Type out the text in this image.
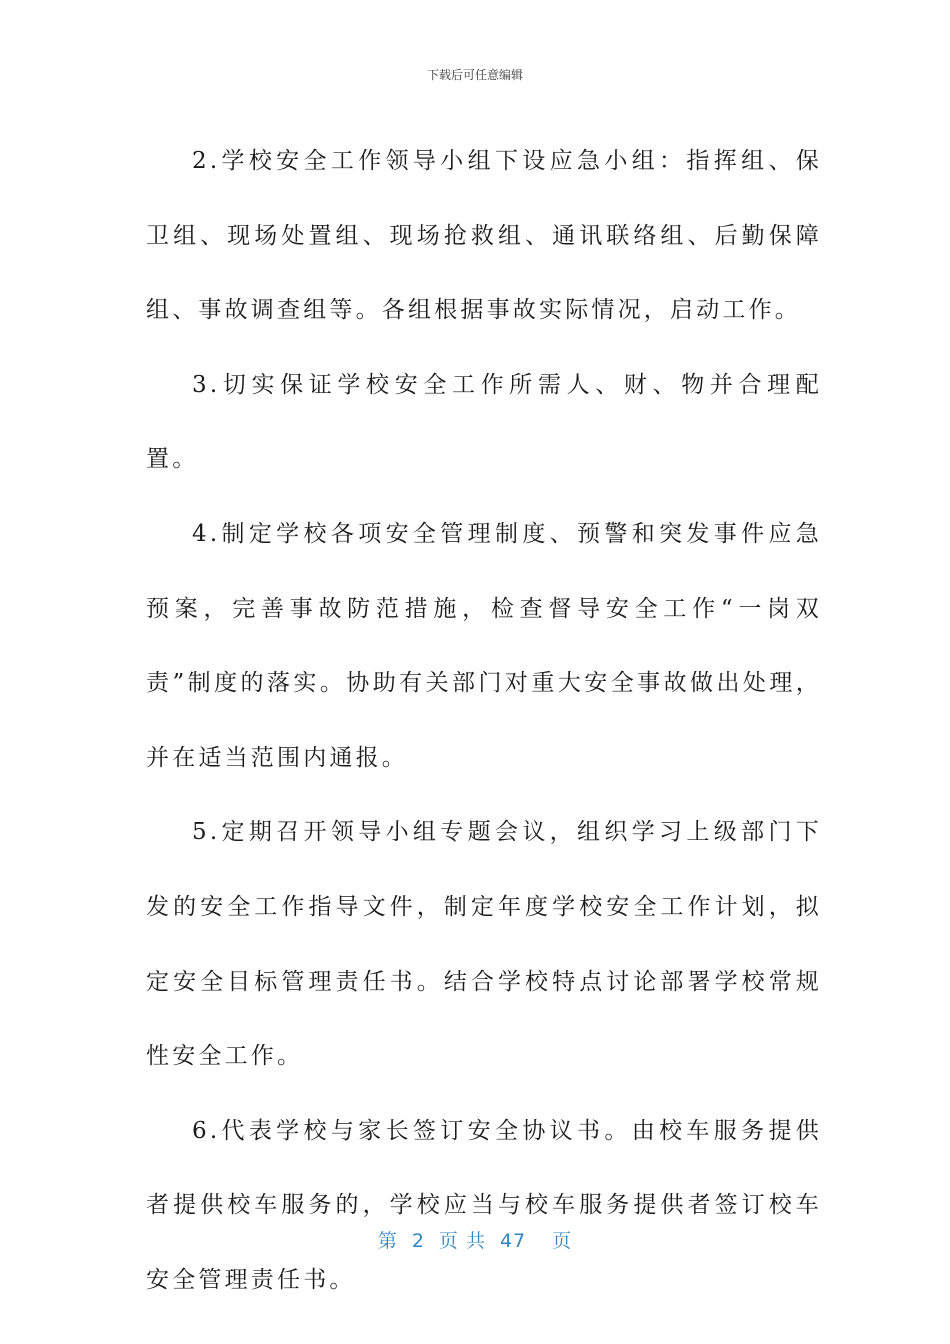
下载后可任意编辑

2.学校安全工作领导小组下设应急小组：指挥组、保卫组、现场处置组、现场抢救组、通讯联络组、后勤保障组、事故调查组等。各组根据事故实际情况，启动工作。

3.切实保证学校安全工作所需人、财、物并合理配置。

4.制定学校各项安全管理制度、预警和突发事件应急预案，完善事故防范措施，检查督导安全工作“一岗双责”制度的落实。协助有关部门对重大安全事故做出处理，并在适当范围内通报。

5.定期召开领导小组专题会议，组织学习上级部门下发的安全工作指导文件，制定年度学校安全工作计划，拟定安全目标管理责任书。结合学校特点讨论部署学校常规性安全工作。

6.代表学校与家长签订安全协议书。由校车服务提供者提供校车服务的，学校应当与校车服务提供者签订校车安全管理责任书。

第 2 页 共 47 页
